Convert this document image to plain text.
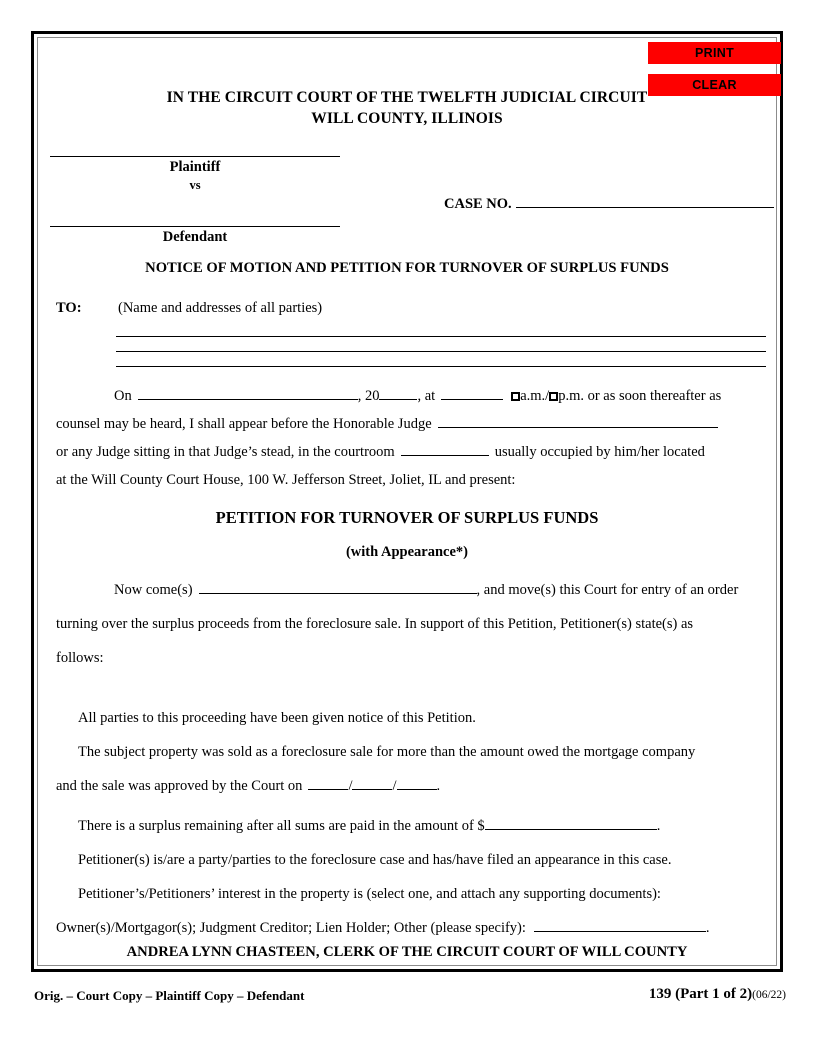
PRINT
CLEAR
IN THE CIRCUIT COURT OF THE TWELFTH JUDICIAL CIRCUIT
WILL COUNTY, ILLINOIS
Plaintiff
vs
Defendant
CASE NO.
NOTICE OF MOTION AND PETITION FOR TURNOVER OF SURPLUS FUNDS
TO:	(Name and addresses of all parties)
On	, 20	, at	a.m./ p.m. or as soon thereafter as
counsel may be heard, I shall appear before the Honorable Judge
or any Judge sitting in that Judge’s stead, in the courtroom	usually occupied by him/her located
at the Will County Court House, 100 W. Jefferson Street, Joliet, IL and present:
PETITION FOR TURNOVER OF SURPLUS FUNDS
(with Appearance*)
Now come(s)	, and move(s) this Court for entry of an order
turning over the surplus proceeds from the foreclosure sale. In support of this Petition, Petitioner(s) state(s) as
follows:
All parties to this proceeding have been given notice of this Petition.
The subject property was sold as a foreclosure sale for more than the amount owed the mortgage company
and the sale was approved by the Court on	/	/	.
There is a surplus remaining after all sums are paid in the amount of $	.
Petitioner(s) is/are a party/parties to the foreclosure case and has/have filed an appearance in this case.
Petitioner’s/Petitioners’ interest in the property is (select one, and attach any supporting documents):
Owner(s)/Mortgagor(s); Judgment Creditor; Lien Holder; Other (please specify):	.
ANDREA LYNN CHASTEEN, CLERK OF THE CIRCUIT COURT OF WILL COUNTY
Orig. – Court Copy – Plaintiff Copy – Defendant	139 (Part 1 of 2)(06/22)
